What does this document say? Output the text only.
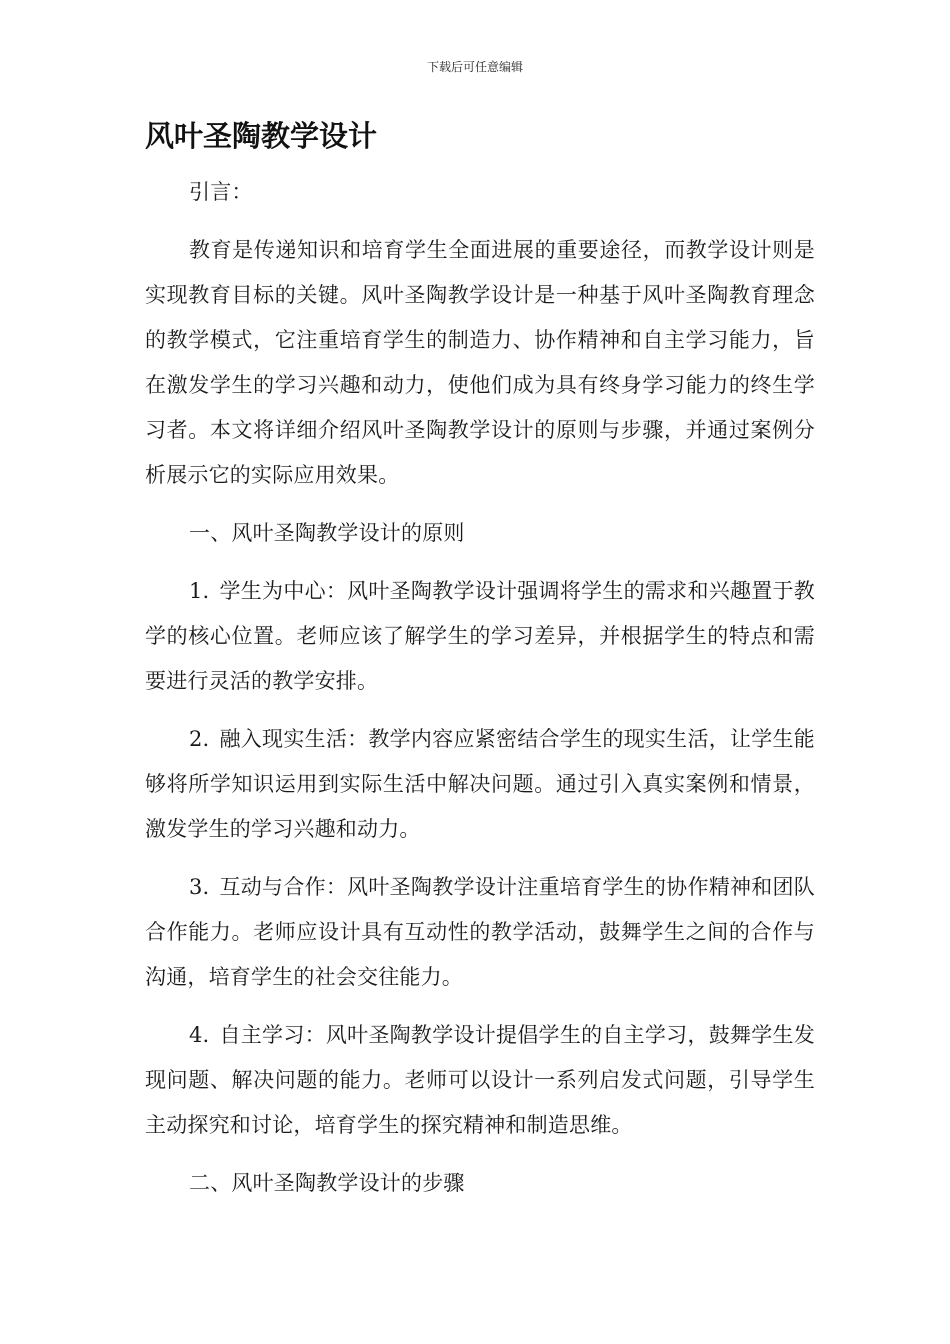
下载后可任意编辑
风叶圣陶教学设计

引言：

教育是传递知识和培育学生全面进展的重要途径，而教学设计则是实现教育目标的关键。风叶圣陶教学设计是一种基于风叶圣陶教育理念的教学模式，它注重培育学生的制造力、协作精神和自主学习能力，旨在激发学生的学习兴趣和动力，使他们成为具有终身学习能力的终生学习者。本文将详细介绍风叶圣陶教学设计的原则与步骤，并通过案例分析展示它的实际应用效果。

一、风叶圣陶教学设计的原则

1. 学生为中心：风叶圣陶教学设计强调将学生的需求和兴趣置于教学的核心位置。老师应该了解学生的学习差异，并根据学生的特点和需要进行灵活的教学安排。

2. 融入现实生活：教学内容应紧密结合学生的现实生活，让学生能够将所学知识运用到实际生活中解决问题。通过引入真实案例和情景，激发学生的学习兴趣和动力。

3. 互动与合作：风叶圣陶教学设计注重培育学生的协作精神和团队合作能力。老师应设计具有互动性的教学活动，鼓舞学生之间的合作与沟通，培育学生的社会交往能力。

4. 自主学习：风叶圣陶教学设计提倡学生的自主学习，鼓舞学生发现问题、解决问题的能力。老师可以设计一系列启发式问题，引导学生主动探究和讨论，培育学生的探究精神和制造思维。

二、风叶圣陶教学设计的步骤
